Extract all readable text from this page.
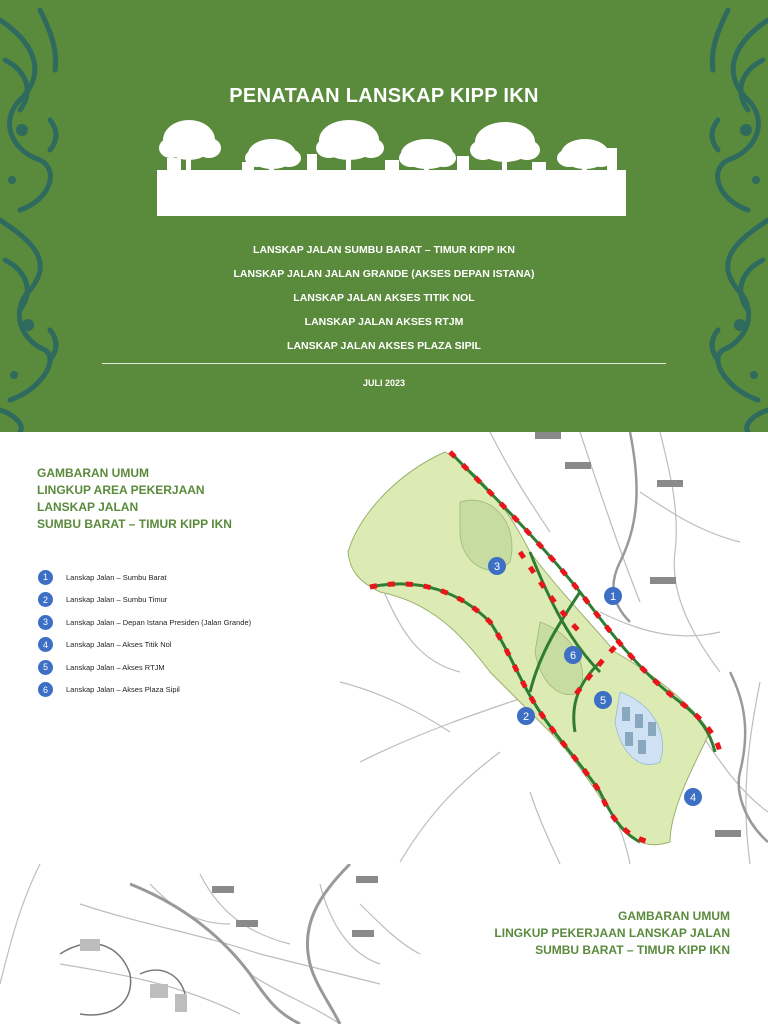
PENATAAN LANSKAP KIPP IKN
LANSKAP JALAN SUMBU BARAT – TIMUR KIPP IKN
LANSKAP JALAN JALAN GRANDE (AKSES DEPAN ISTANA)
LANSKAP JALAN AKSES TITIK NOL
LANSKAP JALAN AKSES RTJM
LANSKAP JALAN AKSES PLAZA SIPIL
JULI 2023
GAMBARAN UMUM
LINGKUP AREA PEKERJAAN
LANSKAP JALAN
SUMBU BARAT – TIMUR KIPP IKN
1	Lanskap Jalan – Sumbu Barat
2	Lanskap Jalan – Sumbu Timur
3	Lanskap Jalan – Depan Istana Presiden (Jalan Grande)
4	Lanskap Jalan – Akses Titik Nol
5	Lanskap Jalan – Akses RTJM
6	Lanskap Jalan – Akses Plaza Sipil
1
2
3
4
5
6
GAMBARAN UMUM
LINGKUP PEKERJAAN LANSKAP JALAN
SUMBU BARAT – TIMUR KIPP IKN
